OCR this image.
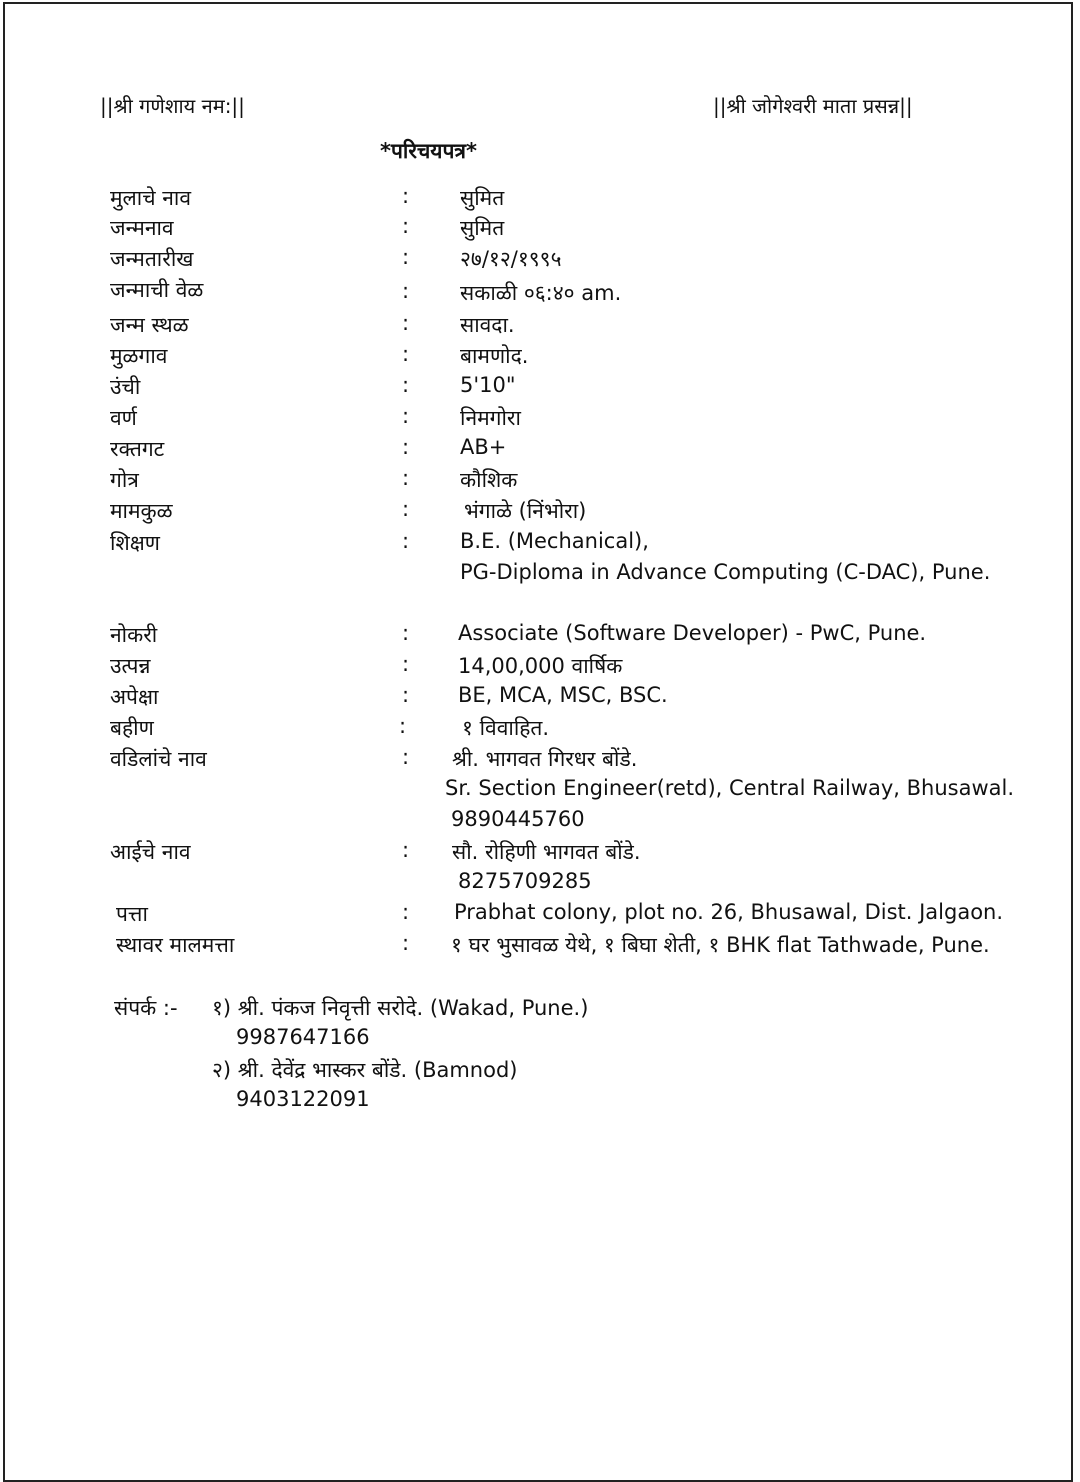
||श्री गणेशाय नम:||	||श्री जोगेश्वरी माता प्रसन्न||
*परिचयपत्र*
मुलाचे नाव	: सुमित
जन्मनाव	: सुमित
जन्मतारीख	: २७/१२/१९९५
जन्माची वेळ	: सकाळी ०६:४० am.
जन्म स्थळ	: सावदा.
मुळगाव	: बामणोद.
उंची	: 5'10"
वर्ण	: निमगोरा
रक्तगट	: AB+
गोत्र	: कौशिक
मामकुळ	:	भंगाळे (निंभोरा)
शिक्षण	: B.E. (Mechanical),
PG-Diploma in Advance Computing (C-DAC), Pune.
नोकरी	: Associate (Software Developer) - PwC, Pune.
उत्पन्न	: 14,00,000 वार्षिक
अपेक्षा	: BE, MCA, MSC, BSC.
बहीण	:	१ विवाहित.
वडिलांचे नाव	: श्री. भागवत गिरधर बोंडे.
Sr. Section Engineer(retd), Central Railway, Bhusawal.
9890445760
आईचे नाव	: सौ. रोहिणी भागवत बोंडे.
8275709285
पत्ता	: Prabhat colony, plot no. 26, Bhusawal, Dist. Jalgaon.
स्थावर मालमत्ता	: १ घर भुसावळ येथे, १ बिघा शेती, १ BHK flat Tathwade, Pune.
संपर्क :- १) श्री. पंकज निवृत्ती सरोदे. (Wakad, Pune.)
9987647166
२) श्री. देवेंद्र भास्कर बोंडे. (Bamnod)
9403122091
